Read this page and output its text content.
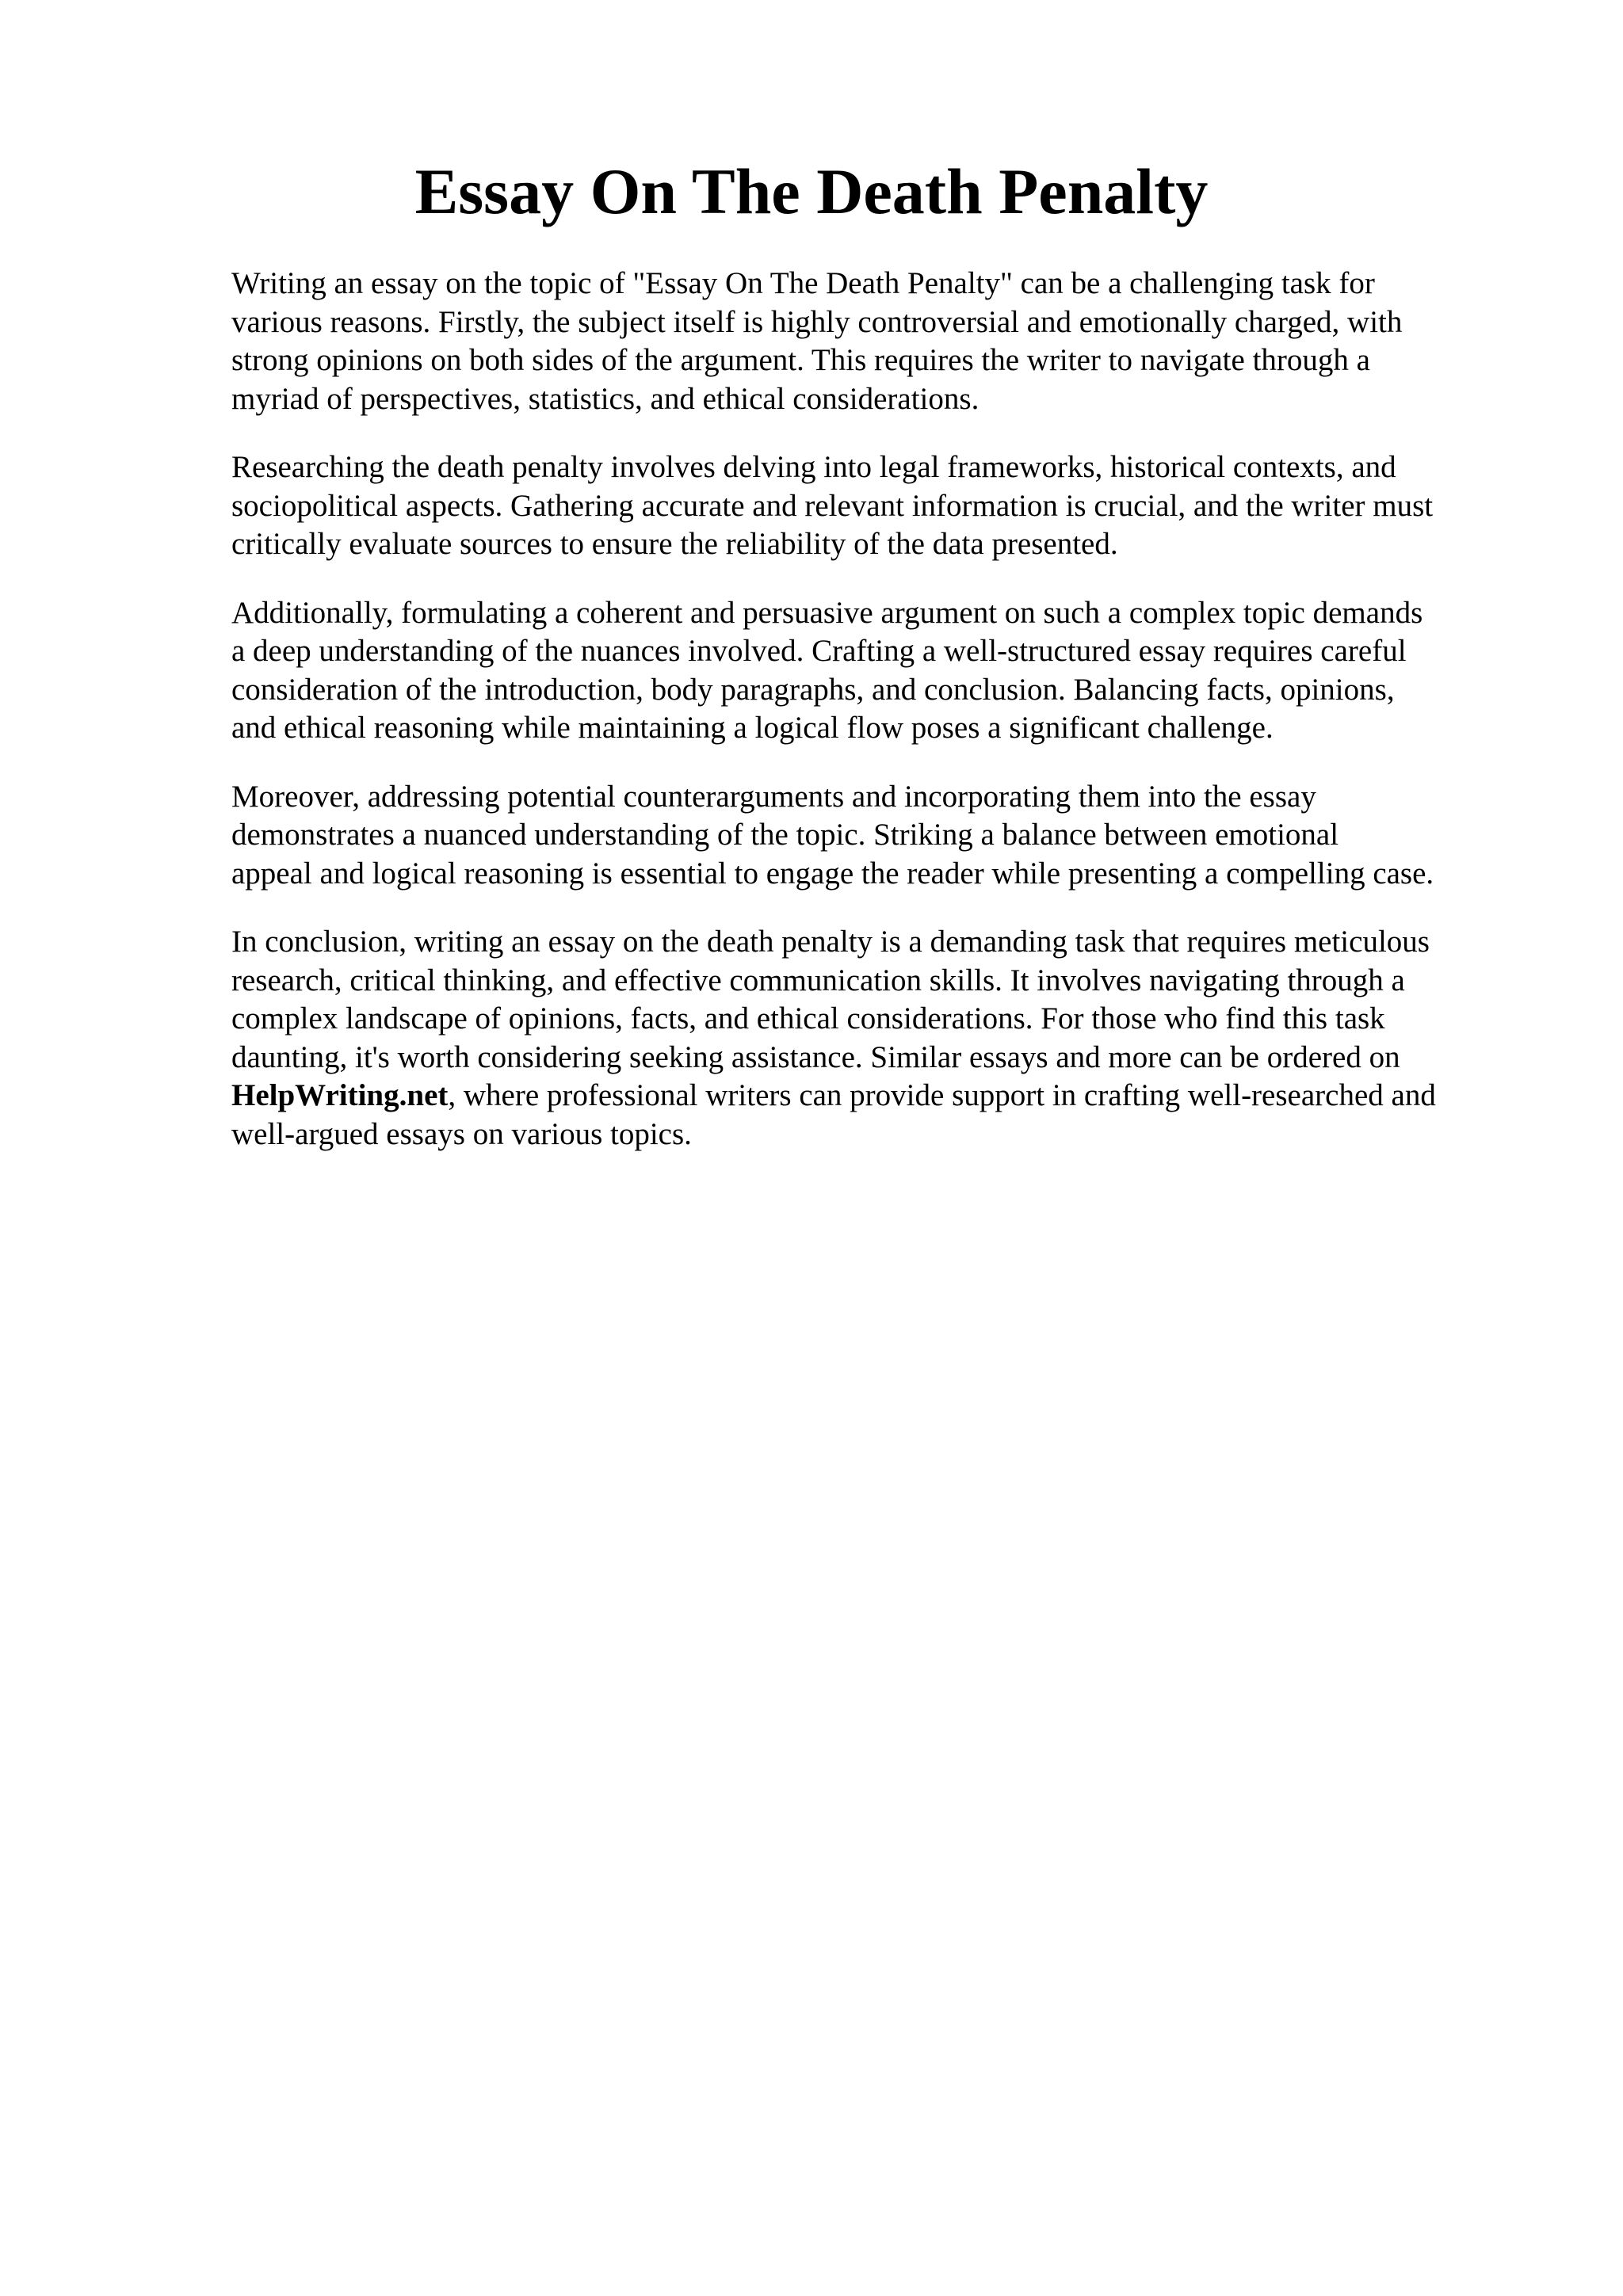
Essay On The Death Penalty

Writing an essay on the topic of "Essay On The Death Penalty" can be a challenging task for
various reasons. Firstly, the subject itself is highly controversial and emotionally charged, with
strong opinions on both sides of the argument. This requires the writer to navigate through a
myriad of perspectives, statistics, and ethical considerations.

Researching the death penalty involves delving into legal frameworks, historical contexts, and
sociopolitical aspects. Gathering accurate and relevant information is crucial, and the writer must
critically evaluate sources to ensure the reliability of the data presented.

Additionally, formulating a coherent and persuasive argument on such a complex topic demands
a deep understanding of the nuances involved. Crafting a well-structured essay requires careful
consideration of the introduction, body paragraphs, and conclusion. Balancing facts, opinions,
and ethical reasoning while maintaining a logical flow poses a significant challenge.

Moreover, addressing potential counterarguments and incorporating them into the essay
demonstrates a nuanced understanding of the topic. Striking a balance between emotional
appeal and logical reasoning is essential to engage the reader while presenting a compelling case.

In conclusion, writing an essay on the death penalty is a demanding task that requires meticulous
research, critical thinking, and effective communication skills. It involves navigating through a
complex landscape of opinions, facts, and ethical considerations. For those who find this task
daunting, it's worth considering seeking assistance. Similar essays and more can be ordered on
HelpWriting.net, where professional writers can provide support in crafting well-researched and
well-argued essays on various topics.
